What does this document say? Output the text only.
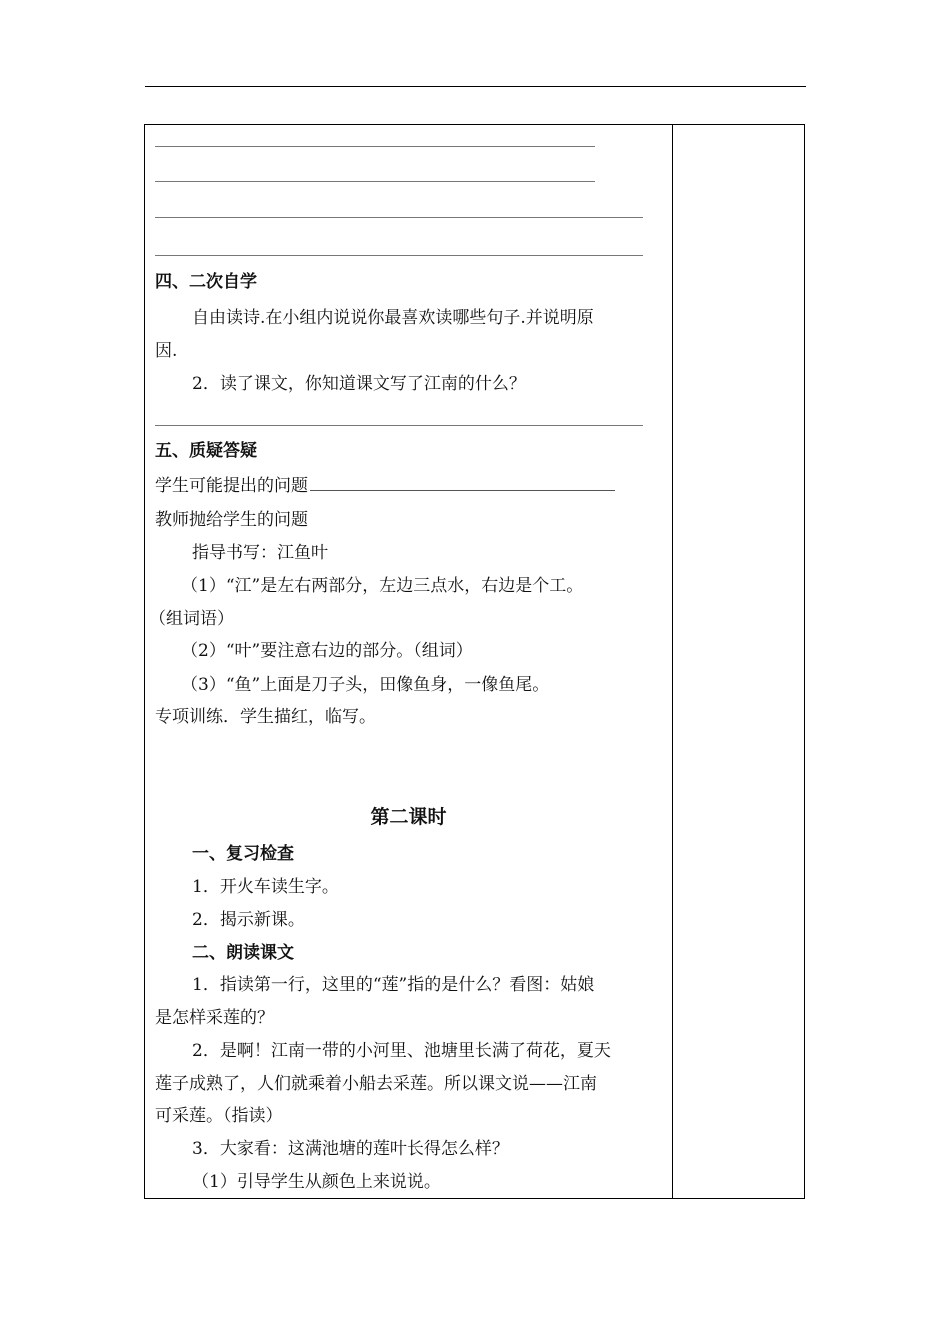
四、二次自学

自由读诗.在小组内说说你最喜欢读哪些句子.并说明原

因.

2．读了课文，你知道课文写了江南的什么？

五、质疑答疑

学生可能提出的问题

教师抛给学生的问题

指导书写：江鱼叶

（1）“江”是左右两部分，左边三点水，右边是个工。

（组词语）

（2）“叶”要注意右边的部分。（组词）

（3）“鱼”上面是刀子头，田像鱼身，一像鱼尾。

专项训练．学生描红，临写。

第二课时

一、复习检查

1．开火车读生字。

2．揭示新课。

二、朗读课文

1．指读第一行，这里的“莲”指的是什么？看图：姑娘

是怎样采莲的？

2．是啊！江南一带的小河里、池塘里长满了荷花，夏天

莲子成熟了，人们就乘着小船去采莲。所以课文说——江南

可采莲。（指读）

3．大家看：这满池塘的莲叶长得怎么样？

（1）引导学生从颜色上来说说。
